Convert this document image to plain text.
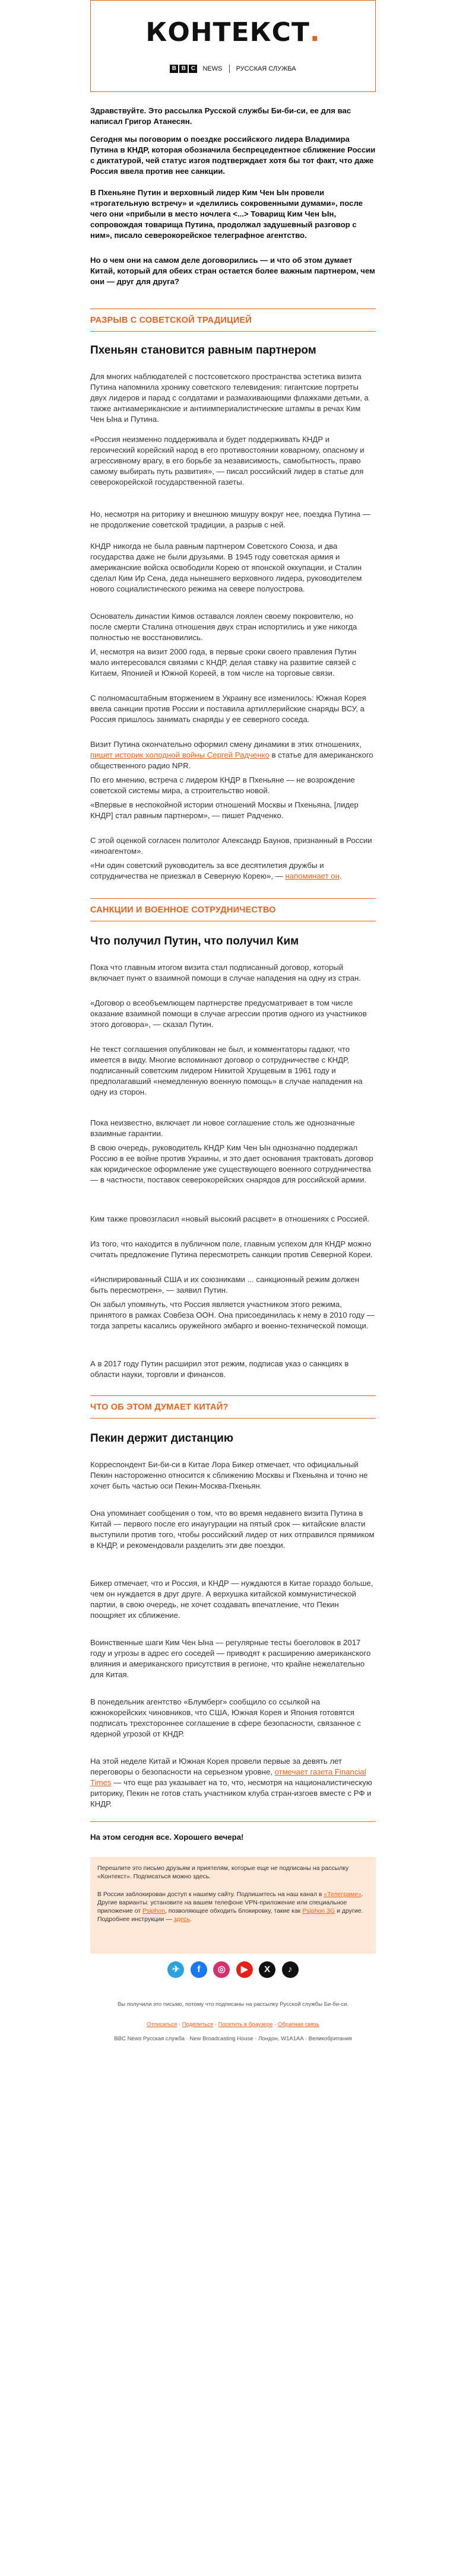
КОНТЕКСТ.
B B C NEWS РУССКАЯ СЛУЖБА

Здравствуйте. Это рассылка Русской службы Би-би-си, ее для вас написал Григор Атанесян.

Сегодня мы поговорим о поездке российского лидера Владимира Путина в КНДР, которая обозначила беспрецедентное сближение России с диктатурой, чей статус изгоя подтверждает хотя бы тот факт, что даже Россия ввела против нее санкции.

В Пхеньяне Путин и верховный лидер Ким Чен Ын провели «трогательную встречу» и «делились сокровенными думами», после чего они «прибыли в место ночлега <...> Товарищ Ким Чен Ын, сопровождая товарища Путина, продолжал задушевный разговор с ним», писало северокорейское телеграфное агентство.

Но о чем они на самом деле договорились — и что об этом думает Китай, который для обеих стран остается более важным партнером, чем они — друг для друга?

РАЗРЫВ С СОВЕТСКОЙ ТРАДИЦИЕЙ
Пхеньян становится равным партнером

Для многих наблюдателей с постсоветского пространства эстетика визита Путина напомнила хронику советского телевидения: гигантские портреты двух лидеров и парад с солдатами и размахивающими флажками детьми, а также антиамериканские и антиимпериалистические штампы в речах Ким Чен Ына и Путина.

«Россия неизменно поддерживала и будет поддерживать КНДР и героический корейский народ в его противостоянии коварному, опасному и агрессивному врагу, в его борьбе за независимость, самобытность, право самому выбирать путь развития», — писал российский лидер в статье для северокорейской государственной газеты.

Но, несмотря на риторику и внешнюю мишуру вокруг нее, поездка Путина — не продолжение советской традиции, а разрыв с ней.

КНДР никогда не была равным партнером Советского Союза, и два государства даже не были друзьями. В 1945 году советская армия и американские войска освободили Корею от японской оккупации, и Сталин сделал Ким Ир Сена, деда нынешнего верховного лидера, руководителем нового социалистического режима на севере полуострова.

Основатель династии Кимов оставался лоялен своему покровителю, но после смерти Сталина отношения двух стран испортились и уже никогда полностью не восстановились.

И, несмотря на визит 2000 года, в первые сроки своего правления Путин мало интересовался связями с КНДР, делая ставку на развитие связей с Китаем, Японией и Южной Кореей, в том числе на торговые связи.

С полномасштабным вторжением в Украину все изменилось: Южная Корея ввела санкции против России и поставила артиллерийские снаряды ВСУ, а Россия пришлось занимать снаряды у ее северного соседа.

Визит Путина окончательно оформил смену динамики в этих отношениях, пишет историк холодной войны Сергей Радченко в статье для американского общественного радио NPR.

По его мнению, встреча с лидером КНДР в Пхеньяне — не возрождение советской системы мира, а строительство новой.

«Впервые в неспокойной истории отношений Москвы и Пхеньяна, [лидер КНДР] стал равным партнером», — пишет Радченко.

С этой оценкой согласен политолог Александр Баунов, признанный в России «иноагентом».

«Ни один советский руководитель за все десятилетия дружбы и сотрудничества не приезжал в Северную Корею», — напоминает он.

САНКЦИИ И ВОЕННОЕ СОТРУДНИЧЕСТВО
Что получил Путин, что получил Ким

Пока что главным итогом визита стал подписанный договор, который включает пункт о взаимной помощи в случае нападения на одну из стран.

«Договор о всеобъемлющем партнерстве предусматривает в том числе оказание взаимной помощи в случае агрессии против одного из участников этого договора», — сказал Путин.

Не текст соглашения опубликован не был, и комментаторы гадают, что имеется в виду. Многие вспоминают договор о сотрудничестве с КНДР, подписанный советским лидером Никитой Хрущевым в 1961 году и предполагавший «немедленную военную помощь» в случае нападения на одну из сторон.

Пока неизвестно, включает ли новое соглашение столь же однозначные взаимные гарантии.

В свою очередь, руководитель КНДР Ким Чен Ын однозначно поддержал Россию в ее войне против Украины, и это дает основания трактовать договор как юридическое оформление уже существующего военного сотрудничества — в частности, поставок северокорейских снарядов для российской армии.

Ким также провозгласил «новый высокий расцвет» в отношениях с Россией.

Из того, что находится в публичном поле, главным успехом для КНДР можно считать предложение Путина пересмотреть санкции против Северной Кореи.

«Инспирированный США и их союзниками ... санкционный режим должен быть пересмотрен», — заявил Путин.

Он забыл упомянуть, что Россия является участником этого режима, принятого в рамках Совбеза ООН. Она присоединилась к нему в 2010 году — тогда запреты касались оружейного эмбарго и военно-технической помощи.

А в 2017 году Путин расширил этот режим, подписав указ о санкциях в области науки, торговли и финансов.

ЧТО ОБ ЭТОМ ДУМАЕТ КИТАЙ?
Пекин держит дистанцию

Корреспондент Би-би-си в Китае Лора Бикер отмечает, что официальный Пекин настороженно относится к сближению Москвы и Пхеньяна и точно не хочет быть частью оси Пекин-Москва-Пхеньян.

Она упоминает сообщения о том, что во время недавнего визита Путина в Китай — первого после его инаугурации на пятый срок — китайские власти выступили против того, чтобы российский лидер от них отправился прямиком в КНДР, и рекомендовали разделить эти две поездки.

Бикер отмечает, что и Россия, и КНДР — нуждаются в Китае гораздо больше, чем он нуждается в друг друге. А верхушка китайской коммунистической партии, в свою очередь, не хочет создавать впечатление, что Пекин поощряет их сближение.

Воинственные шаги Ким Чен Ына — регулярные тесты боеголовок в 2017 году и угрозы в адрес его соседей — приводят к расширению американского влияния и американского присутствия в регионе, что крайне нежелательно для Китая.

В понедельник агентство «Блумберг» сообщило со ссылкой на южнокорейских чиновников, что США, Южная Корея и Япония готовятся подписать трехстороннее соглашение в сфере безопасности, связанное с ядерной угрозой от КНДР.

На этой неделе Китай и Южная Корея провели первые за девять лет переговоры о безопасности на серьезном уровне, отмечает газета Financial Times — что еще раз указывает на то, что, несмотря на националистическую риторику, Пекин не готов стать участником клуба стран-изгоев вместе с РФ и КНДР.

На этом сегодня все. Хорошего вечера!

Перешлите это письмо друзьям и приятелям, которые еще не подписаны на рассылку «Контекст». Подписаться можно здесь.
В России заблокирован доступ к нашему сайту. Подпишитесь на наш канал в «Телеграме». Другие варианты: установите на вашем телефоне VPN-приложение или специальное приложение от Psiphon, позволяющее обходить блокировку, такие как Psiphon 3G и другие. Подробнее инструкции — здесь.
✈ f ◎ ▶ X ♪
Вы получили это письмо, потому что подписаны на рассылку Русской службы Би-би-си.
Отписаться · Поделиться · Посетить в браузере · Обратная связь
BBC News Русская служба · New Broadcasting House · Лондон, W1A1AA · Великобритания
